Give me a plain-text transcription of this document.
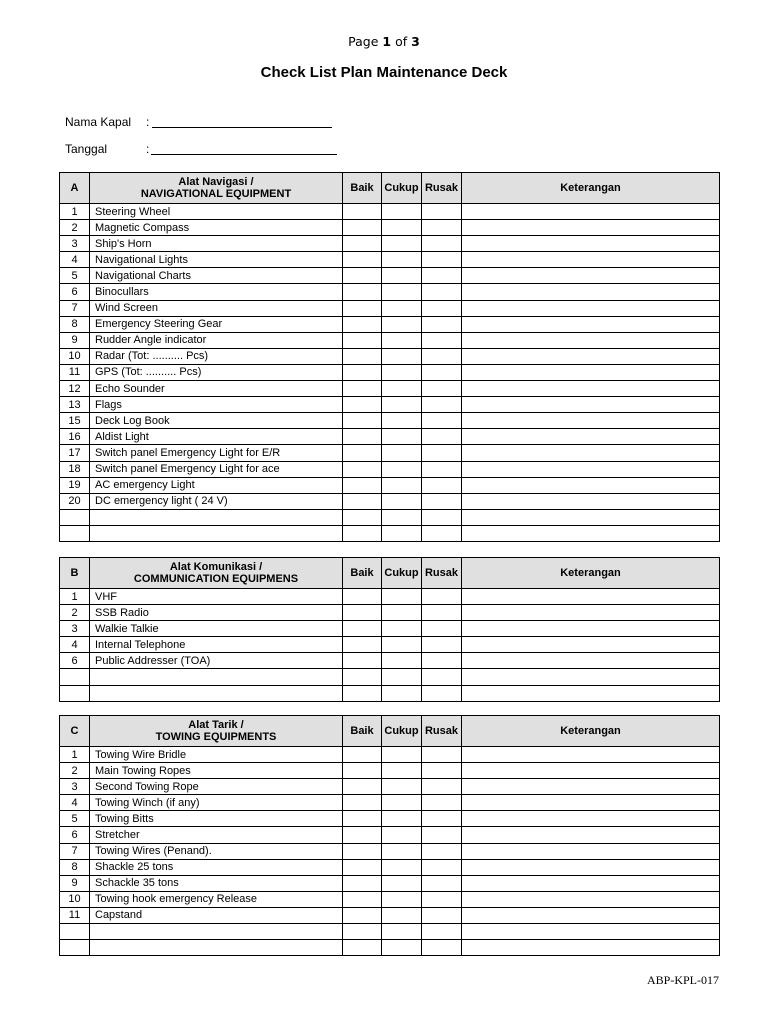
Page 1 of 3
Check List Plan Maintenance Deck
Nama Kapal :
Tanggal	:
A	Alat Navigasi /
NAVIGATIONAL EQUIPMENT	Baik	Cukup	Rusak	Keterangan
1	Steering Wheel				
2	Magnetic Compass				
3	Ship's Horn				
4	Navigational Lights				
5	Navigational Charts				
6	Binocullars				
7	Wind Screen				
8	Emergency Steering Gear				
9	Rudder Angle indicator				
10	Radar (Tot: .......... Pcs)				
11	GPS (Tot: .......... Pcs)				
12	Echo Sounder				
13	Flags				
15	Deck Log Book				
16	Aldist Light				
17	Switch panel Emergency Light for E/R				
18	Switch panel Emergency Light for ace				
19	AC emergency Light				
20	DC emergency light ( 24 V)				

B	Alat Komunikasi /
COMMUNICATION EQUIPMENS	Baik	Cukup	Rusak	Keterangan
1	VHF				
2	SSB Radio				
3	Walkie Talkie				
4	Internal Telephone				
6	Public Addresser (TOA)				

C	Alat Tarik /
TOWING EQUIPMENTS	Baik	Cukup	Rusak	Keterangan
1	Towing Wire Bridle				
2	Main Towing Ropes				
3	Second Towing Rope				
4	Towing Winch (if any)				
5	Towing Bitts				
6	Stretcher				
7	Towing Wires (Penand).				
8	Shackle 25 tons				
9	Schackle 35 tons				
10	Towing hook emergency Release				
11	Capstand				

ABP-KPL-017
